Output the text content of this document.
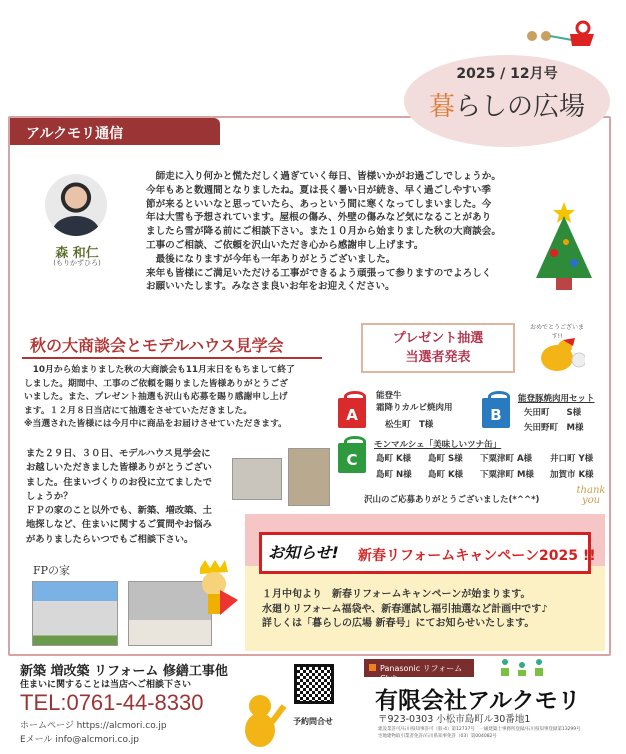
アルクモリ通信
2025 / 12月号
暮らしの広場
森 和仁
(もりかずひろ)
　師走に入り何かと慌ただしく過ぎていく毎日、皆様いかがお過ごしでしょうか。
今年もあと数週間となりましたね。夏は長く暑い日が続き、早く過ごしやすい季
節が来るといいなと思っていたら、あっという間に寒くなってしまいました。今
年は大雪も予想されています。屋根の傷み、外壁の傷みなど気になることがあり
ましたら雪が降る前にご相談下さい。また１０月から始まりました秋の大商談会。
工事のご相談、ご依頼を沢山いただき心から感謝申し上げます。
　最後になりますが今年も一年ありがとうございました。
来年も皆様にご満足いただける工事ができるよう頑張って参りますのでよろしく
お願いいたします。みなさま良いお年をお迎えください。
秋の大商談会とモデルハウス見学会
　10月から始まりました秋の大商談会も11月末日をもちまして終了
しました。期間中、工事のご依頼を賜りました皆様ありがとうござ
いました。また、プレゼント抽選も沢山も応募を賜り感謝申し上げ
ます。１２月８日当店にて抽選をさせていただきました。
※当選された皆様には今月中に商品をお届けさせていただきます。
また２９日、３０日、モデルハウス見学会に
お越しいただきました皆様ありがとうござい
ました。住まいづくりのお役に立てましたで
しょうか？
ＦＰの家のこと以外でも、新築、増改築、土
地探しなど、住まいに関するご質問やお悩み
がありましたらいつでもご相談下さい。
FPの家
プレゼント抽選
当選者発表
おめでとうございます!!
A
能登牛
霜降りカルビ焼肉用
松生町　T様
B
能登豚焼肉用セット
矢田町　　S様
矢田野町　M様
C
モンマルシェ「美味しいツナ缶」
島町 K様	島町 S様	下粟津町 A様	井口町 Y様
島町 N様	島町 K様	下粟津町 M様	加賀市 K様
沢山のご応募ありがとうございました(*^^*)
thank you
お知らせ! 新春リフォームキャンペーン2025 !!
１月中旬より　新春リフォームキャンペーンが始まります。
水廻りリフォーム福袋や、新春運試し福引抽選など計画中です♪
詳しくは「暮らしの広場 新春号」にてお知らせいたします。
新築 増改築 リフォーム 修繕工事他
住まいに関することは当店へご相談下さい
TEL:0761-44-8330
ホームページ https://alcmori.co.jp
Eメール info@alcmori.co.jp
予約問合せ
Panasonic リフォームClub
有限会社アルクモリ
〒923-0303 小松市島町ル30番地1
建設業許可/石川県知事許可（般-4）第12737号　一級建築士事務所登録/石川県知事登録第13299号
宅地建物取引業者免許/石川県知事免許（03）第004082号
